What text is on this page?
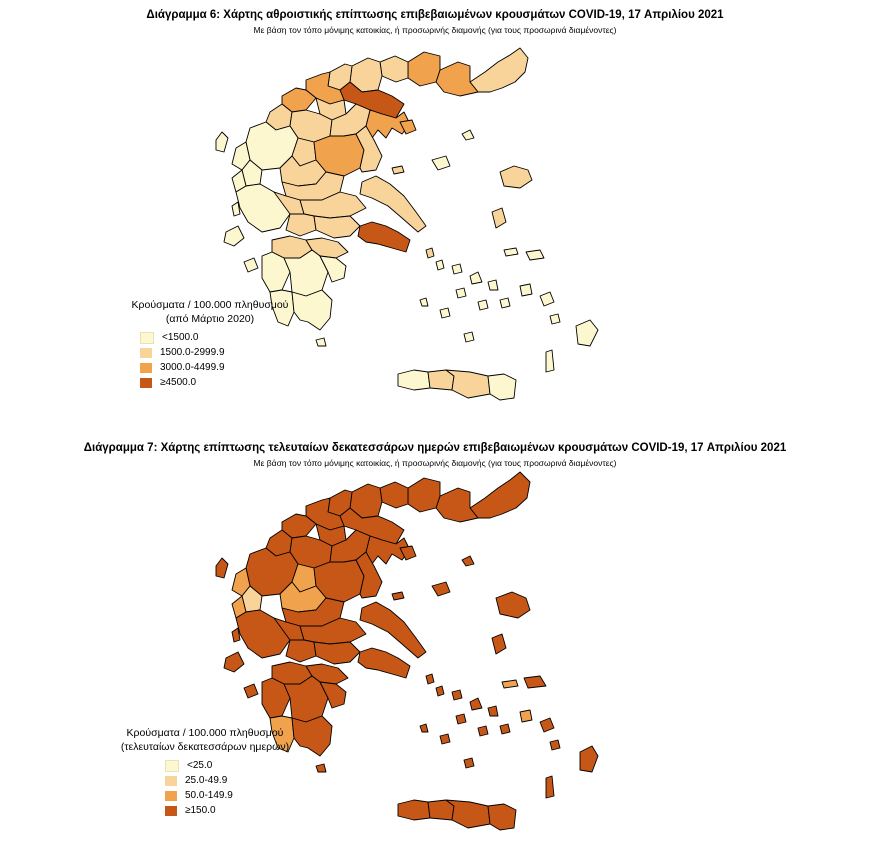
Διάγραμμα 6: Χάρτης αθροιστικής επίπτωσης επιβεβαιωμένων κρουσμάτων COVID-19, 17 Απριλίου 2021
Με βάση τον τόπο μόνιμης κατοικίας, ή προσωρινής διαμονής (για τους προσωρινά διαμένοντες)
Κρούσματα / 100.000 πληθυσμού
(από Μάρτιο 2020)
<1500.0
1500.0-2999.9
3000.0-4499.9
≥4500.0
Διάγραμμα 7: Χάρτης επίπτωσης τελευταίων δεκατεσσάρων ημερών επιβεβαιωμένων κρουσμάτων COVID-19, 17 Απριλίου 2021
Με βάση τον τόπο μόνιμης κατοικίας, ή προσωρινής διαμονής (για τους προσωρινά διαμένοντες)
Κρούσματα / 100.000 πληθυσμού
(τελευταίων δεκατεσσάρων ημερών)
<25.0
25.0-49.9
50.0-149.9
≥150.0
